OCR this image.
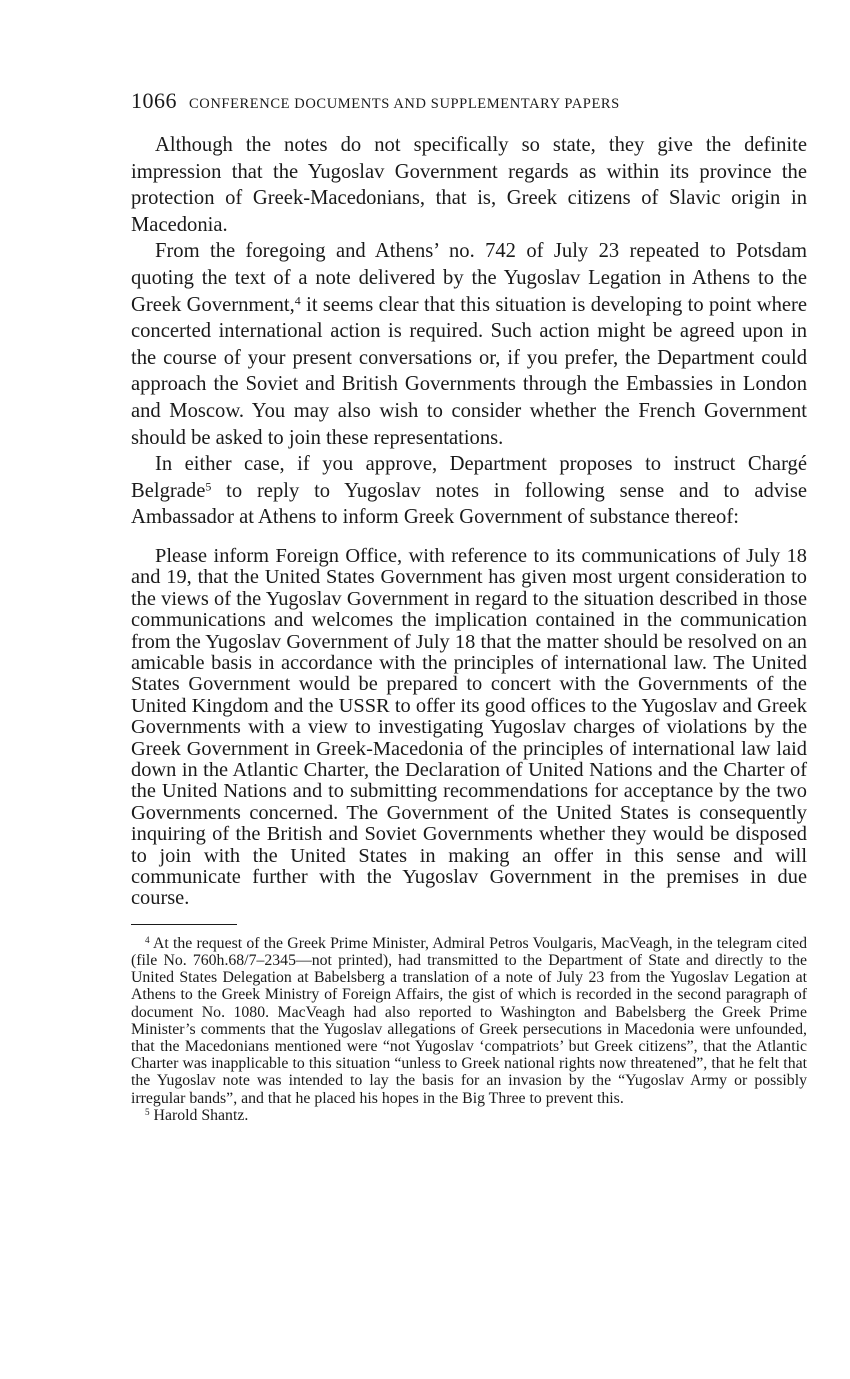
1066 CONFERENCE DOCUMENTS AND SUPPLEMENTARY PAPERS

Although the notes do not specifically so state, they give the definite impression that the Yugoslav Government regards as within its province the protection of Greek-Macedonians, that is, Greek citizens of Slavic origin in Macedonia.

From the foregoing and Athens’ no. 742 of July 23 repeated to Potsdam quoting the text of a note delivered by the Yugoslav Legation in Athens to the Greek Government,$^4$ it seems clear that this situation is developing to point where concerted international action is required. Such action might be agreed upon in the course of your present conversations or, if you prefer, the Department could approach the Soviet and British Governments through the Embassies in London and Moscow. You may also wish to consider whether the French Government should be asked to join these representations.

In either case, if you approve, Department proposes to instruct Chargé Belgrade$^5$ to reply to Yugoslav notes in following sense and to advise Ambassador at Athens to inform Greek Government of substance thereof:

Please inform Foreign Office, with reference to its communications of July 18 and 19, that the United States Government has given most urgent consideration to the views of the Yugoslav Government in regard to the situation described in those communications and welcomes the implication contained in the communication from the Yugoslav Government of July 18 that the matter should be resolved on an amicable basis in accordance with the principles of international law. The United States Government would be prepared to concert with the Governments of the United Kingdom and the USSR to offer its good offices to the Yugoslav and Greek Governments with a view to investigating Yugoslav charges of violations by the Greek Government in Greek-Macedonia of the principles of international law laid down in the Atlantic Charter, the Declaration of United Nations and the Charter of the United Nations and to submitting recommendations for acceptance by the two Governments concerned. The Government of the United States is consequently inquiring of the British and Soviet Governments whether they would be disposed to join with the United States in making an offer in this sense and will communicate further with the Yugoslav Government in the premises in due course.

$^4$ At the request of the Greek Prime Minister, Admiral Petros Voulgaris, MacVeagh, in the telegram cited (file No. 760h.68/7–2345—not printed), had transmitted to the Department of State and directly to the United States Delegation at Babelsberg a translation of a note of July 23 from the Yugoslav Legation at Athens to the Greek Ministry of Foreign Affairs, the gist of which is recorded in the second paragraph of document No. 1080. MacVeagh had also reported to Washington and Babelsberg the Greek Prime Minister’s comments that the Yugoslav allegations of Greek persecutions in Macedonia were unfounded, that the Macedonians mentioned were “not Yugoslav ‘compatriots’ but Greek citizens”, that the Atlantic Charter was inapplicable to this situation “unless to Greek national rights now threatened”, that he felt that the Yugoslav note was intended to lay the basis for an invasion by the “Yugoslav Army or possibly irregular bands”, and that he placed his hopes in the Big Three to prevent this.

$^5$ Harold Shantz.
